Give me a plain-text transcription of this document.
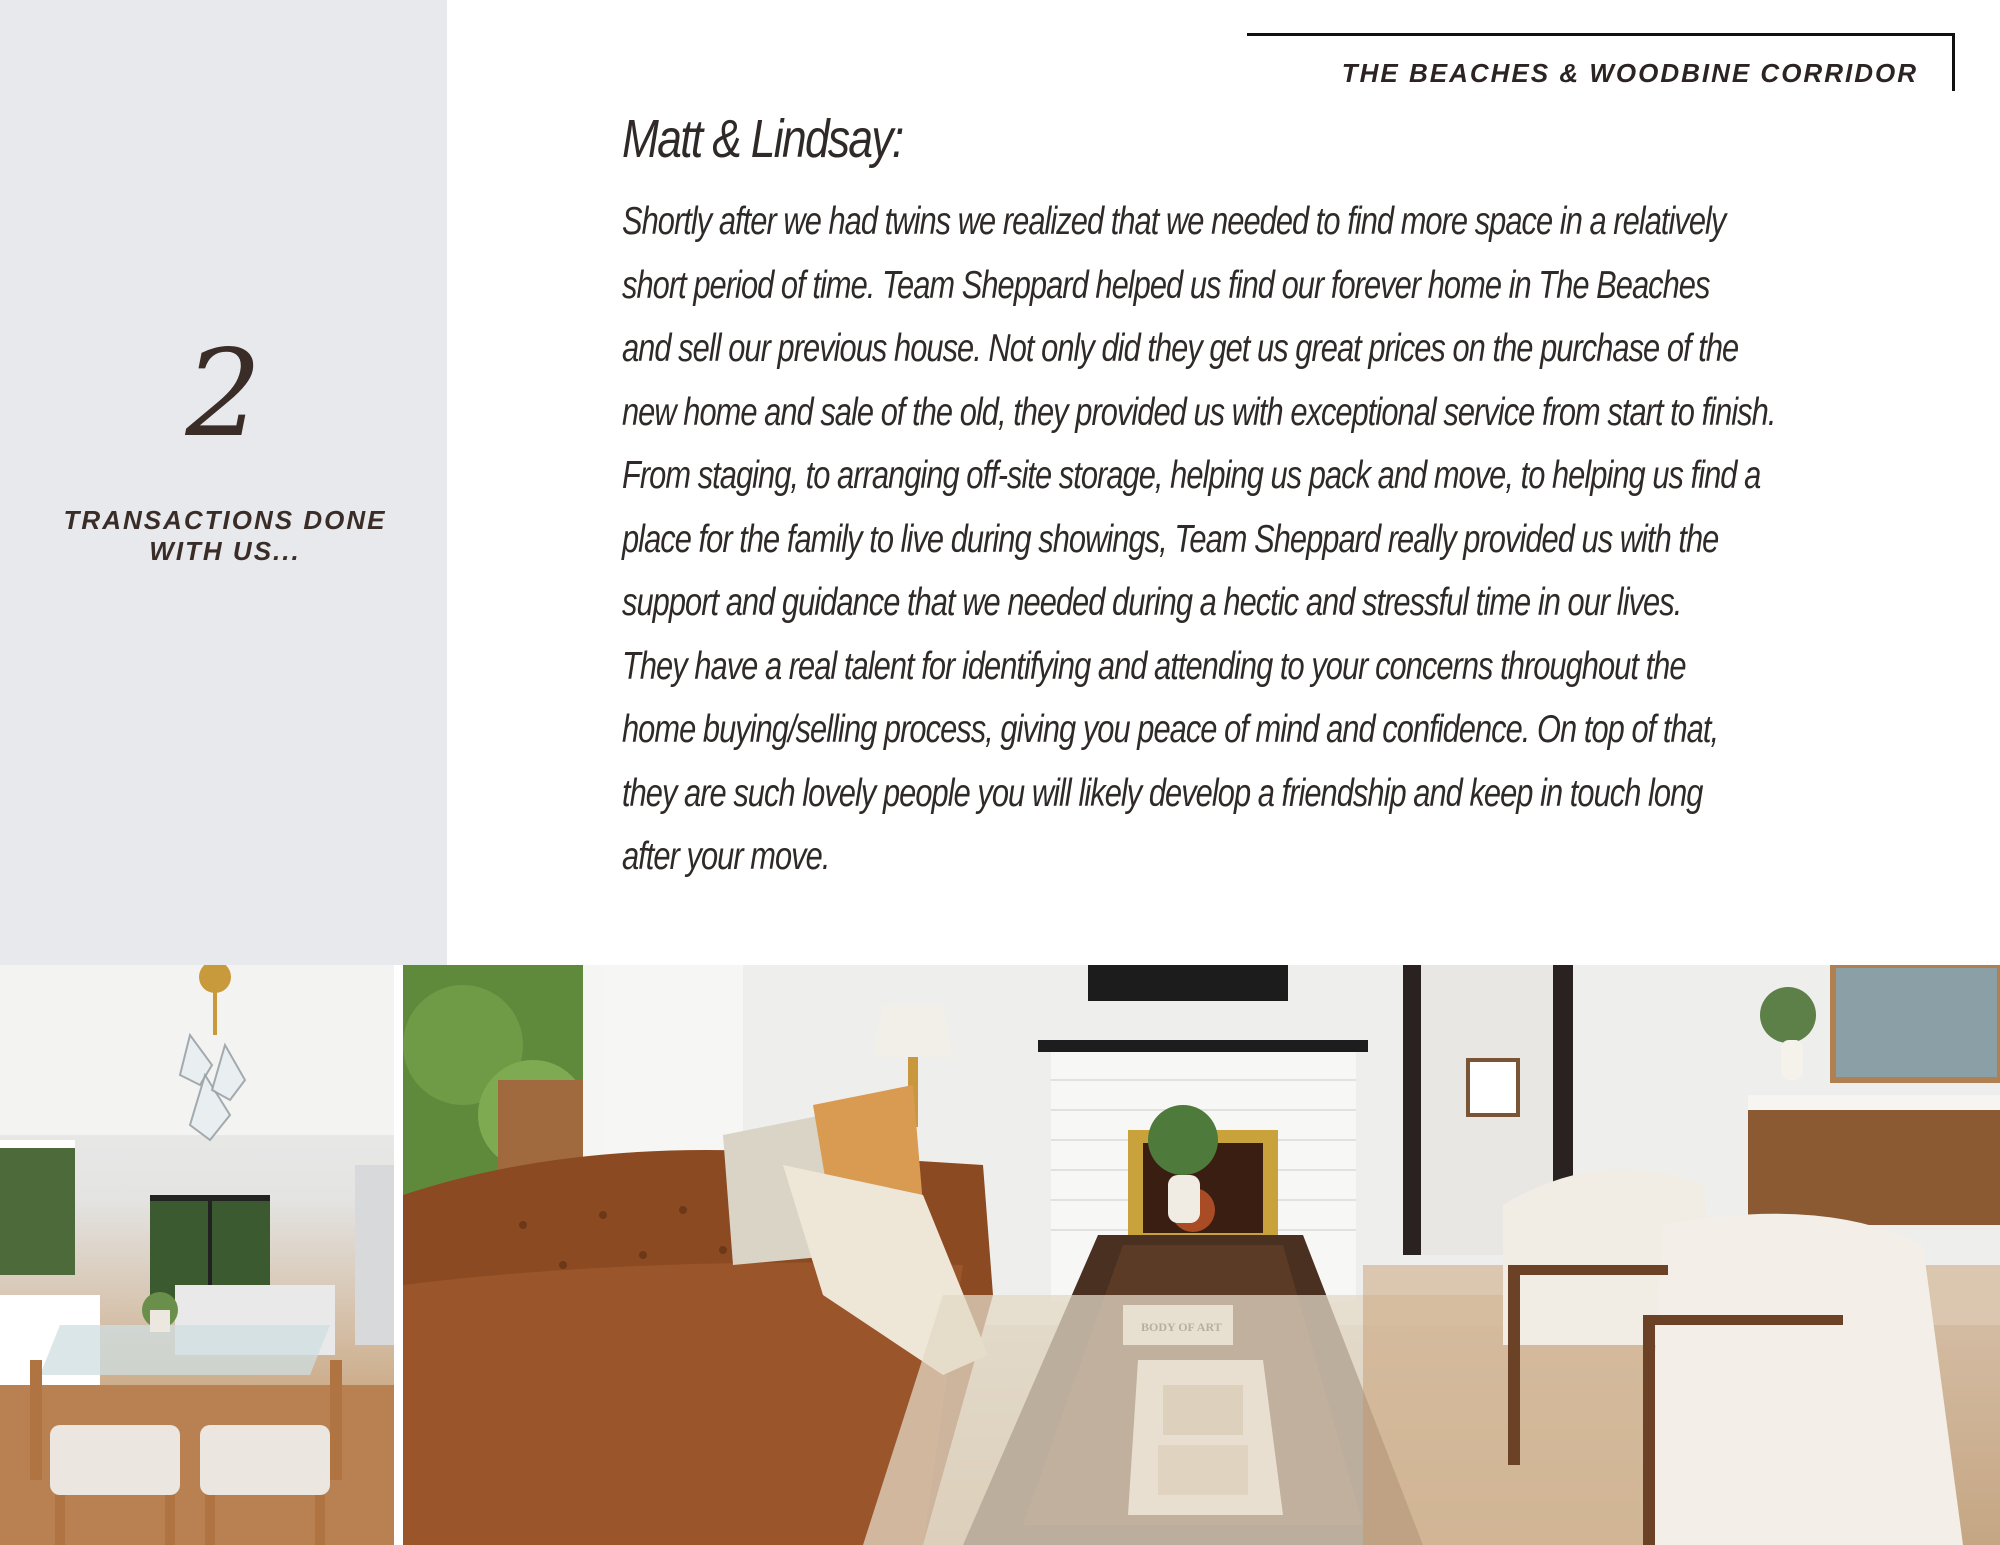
2
TRANSACTIONS DONE
WITH US...
THE BEACHES & WOODBINE CORRIDOR
Matt & Lindsay:
Shortly after we had twins we realized that we needed to find more space in a relatively
short period of time. Team Sheppard helped us find our forever home in The Beaches
and sell our previous house. Not only did they get us great prices on the purchase of the
new home and sale of the old, they provided us with exceptional service from start to finish.
From staging, to arranging off-site storage, helping us pack and move, to helping us find a
place for the family to live during showings, Team Sheppard really provided us with the
support and guidance that we needed during a hectic and stressful time in our lives.
They have a real talent for identifying and attending to your concerns throughout the
home buying/selling process, giving you peace of mind and confidence. On top of that,
they are such lovely people you will likely develop a friendship and keep in touch long
after your move.
